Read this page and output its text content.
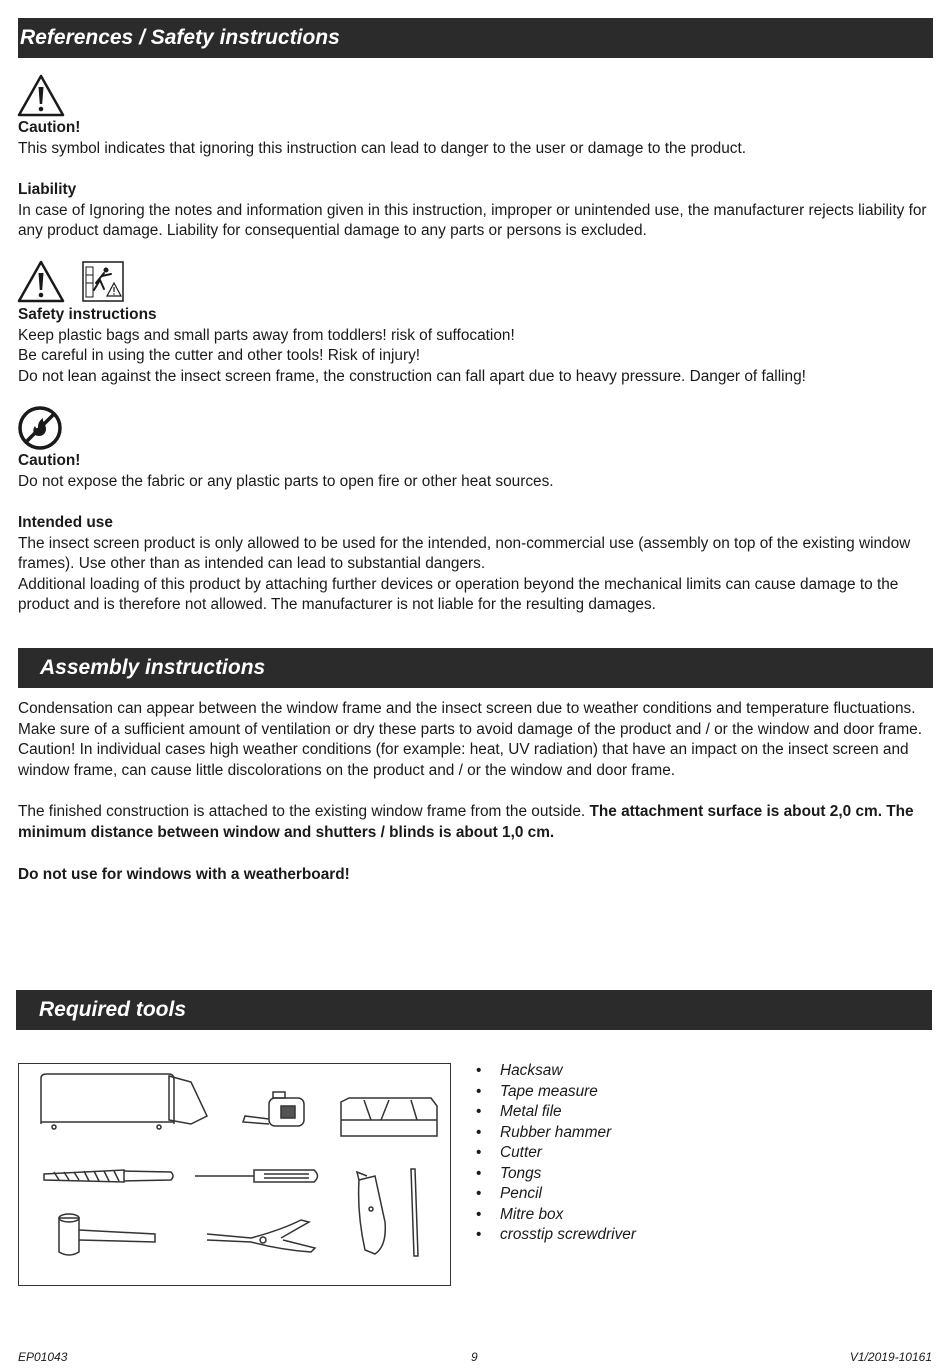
References / Safety instructions

Caution!

This symbol indicates that ignoring this instruction can lead to danger to the user or damage to the product.

Liability

In case of Ignoring the notes and information given in this instruction, improper or unintended use, the manufacturer rejects liability for any product damage. Liability for consequential damage to any parts or persons is excluded.

Safety instructions

Keep plastic bags and small parts away from toddlers! risk of suffocation!

Be careful in using the cutter and other tools! Risk of injury!

Do not lean against the insect screen frame, the construction can fall apart due to heavy pressure. Danger of falling!

Caution!

Do not expose the fabric or any plastic parts to open fire or other heat sources.

Intended use

The insect screen product is only allowed to be used for the intended, non-commercial use (assembly on top of the existing window frames). Use other than as intended can lead to substantial dangers.

Additional loading of this product by attaching further devices or operation beyond the mechanical limits can cause damage to the product and is therefore not allowed. The manufacturer is not liable for the resulting damages.

Assembly instructions

Condensation can appear between the window frame and the insect screen due to weather conditions and temperature fluctuations. Make sure of a sufficient amount of ventilation or dry these parts to avoid damage of the product and / or the window and door frame. Caution! In individual cases high weather conditions (for example: heat, UV radiation) that have an impact on the insect screen and window frame, can cause little discolorations on the product and / or the window and door frame.

The finished construction is attached to the existing window frame from the outside. The attachment surface is about 2,0 cm. The minimum distance between window and shutters / blinds is about 1,0 cm.

Do not use for windows with a weatherboard!

Required tools
• Hacksaw
• Tape measure
• Metal file
• Rubber hammer
• Cutter
• Tongs
• Pencil
• Mitre box
• crosstip screwdriver
EP01043	9	V1/2019-10161
